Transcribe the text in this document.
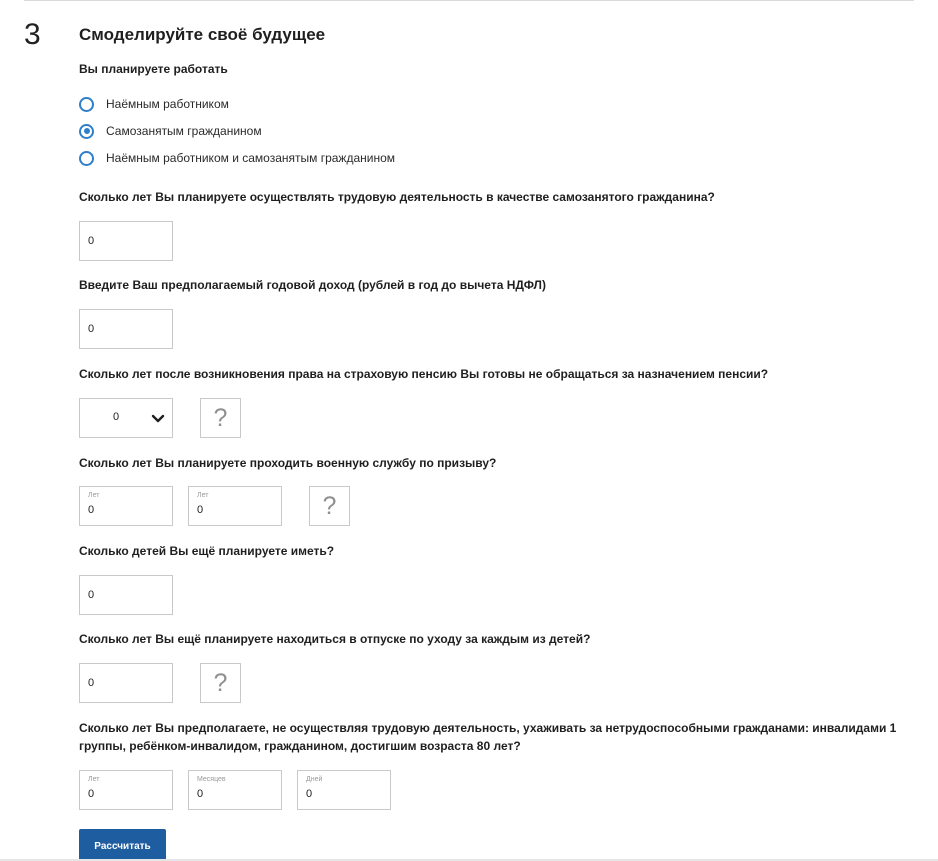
3 Смоделируйте своё будущее
Вы планируете работать
Наёмным работником
Самозанятым гражданином
Наёмным работником и самозанятым гражданином
Сколько лет Вы планируете осуществлять трудовую деятельность в качестве самозанятого гражданина?
0
Введите Ваш предполагаемый годовой доход (рублей в год до вычета НДФЛ)
0
Сколько лет после возникновения права на страховую пенсию Вы готовы не обращаться за назначением пенсии?
0	?
Сколько лет Вы планируете проходить военную службу по призыву?
Лет
0	Лет
0	?
Сколько детей Вы ещё планируете иметь?
0
Сколько лет Вы ещё планируете находиться в отпуске по уходу за каждым из детей?
0
?
Сколько лет Вы предполагаете, не осуществляя трудовую деятельность, ухаживать за нетрудоспособными гражданами: инвалидами 1 группы, ребёнком-инвалидом, гражданином, достигшим возраста 80 лет?
Лет
0	Месяцев
0	Дней
0
Рассчитать
